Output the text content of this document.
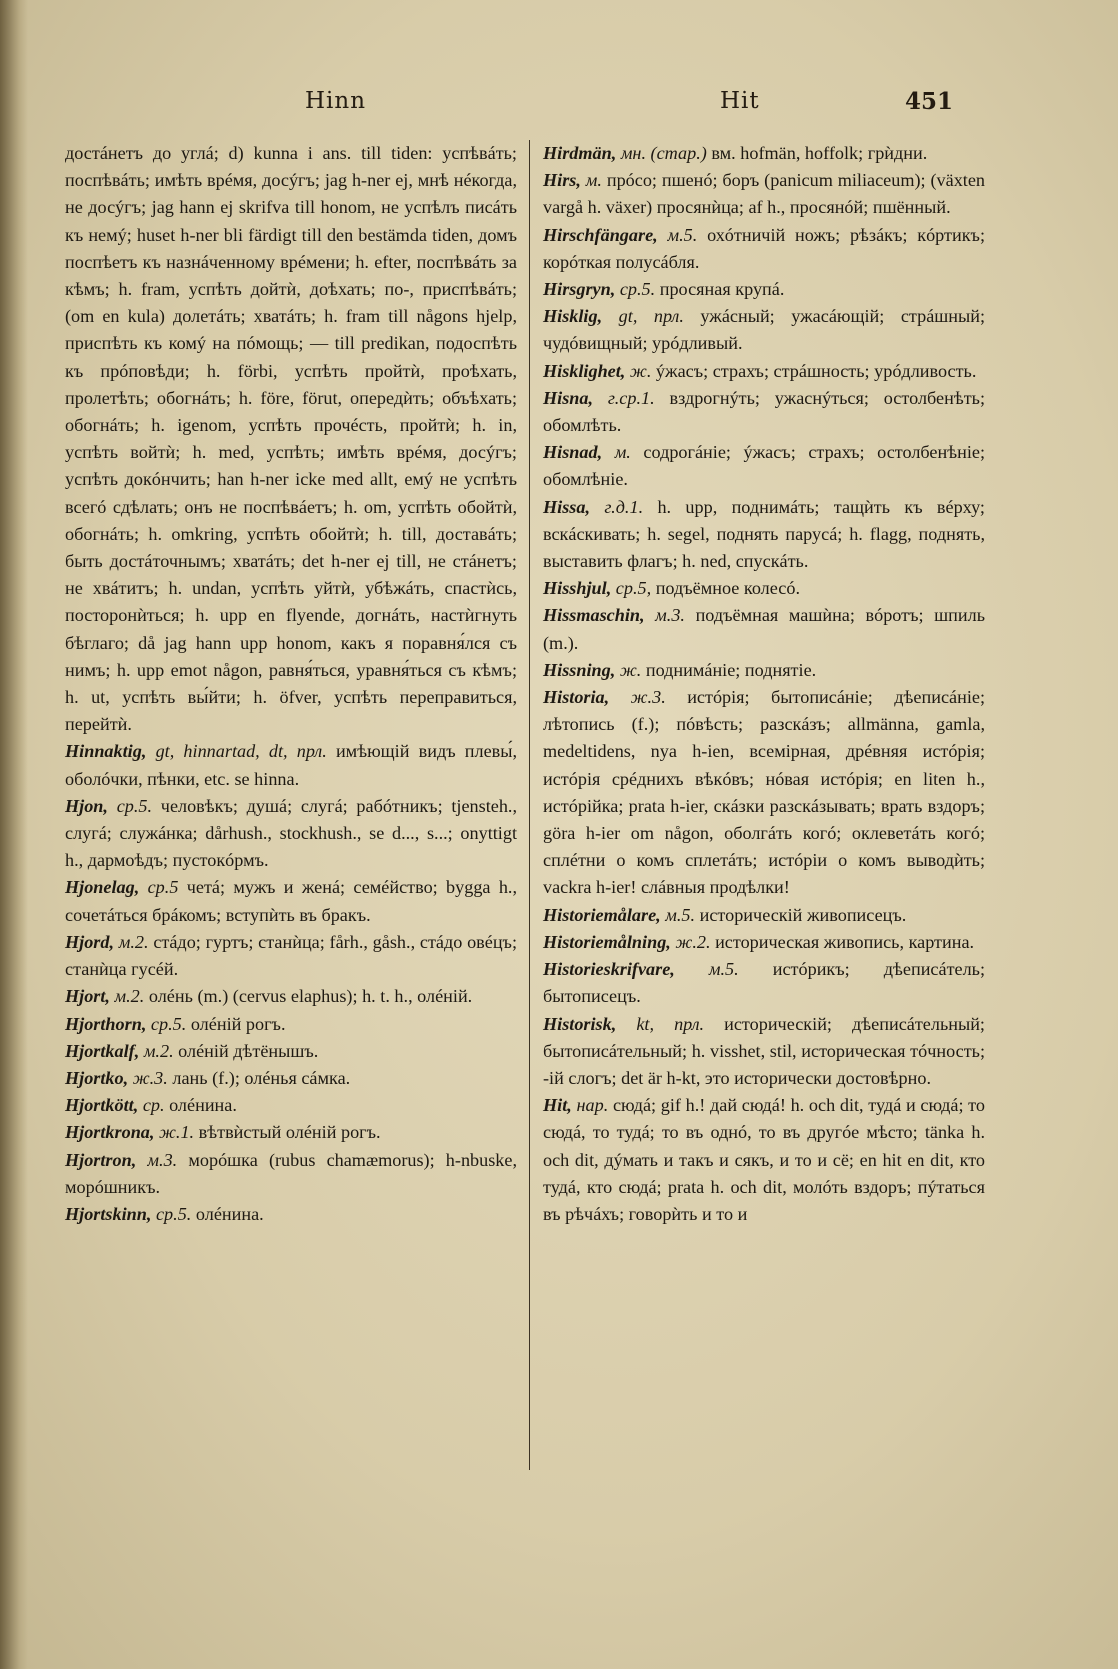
Hinn	Hit	451

достáнетъ до углá; d) kunna i ans. till tiden: успѣвáть; поспѣвáть; имѣть врéмя, досýгъ; jag h-ner ej, мнѣ нéкогда, не досýгъ; jag hann ej skrifva till honom, не успѣлъ писáть къ немý; huset h-ner bli färdigt till den bestämda tiden, домъ поспѣетъ къ назнáченному врéмени; h. efter, поспѣвáть за кѣмъ; h. fram, успѣть дойтѝ, доѣхать; по-, приспѣвáть; (om en kula) долетáть; хватáть; h. fram till någons hjelp, приспѣть къ комý на пóмощь; — till predikan, подоспѣть къ прóповѣди; h. förbi, успѣть пройтѝ, проѣхать, пролетѣть; обогнáть; h. före, förut, опередѝть; объѣхать; обогнáть; h. igenom, успѣть прочéсть, пройтѝ; h. in, успѣть войтѝ; h. med, успѣть; имѣть врéмя, досýгъ; успѣть докóнчить; han h-ner icke med allt, емý не успѣть всегó сдѣлать; онъ не поспѣвáетъ; h. om, успѣть обойтѝ, обогнáть; h. omkring, успѣть обойтѝ; h. till, доставáть; быть достáточнымъ; хватáть; det h-ner ej till, не стáнетъ; не хвáтитъ; h. undan, успѣть уйтѝ, убѣжáть, спастѝсь, посторонѝться; h. upp en flyende, догнáть, настѝгнуть бѣглаго; då jag hann upp honom, какъ я поравня́лся съ нимъ; h. upp emot någon, равня́ться, уравня́ться съ кѣмъ; h. ut, успѣть вы́йти; h. öfver, успѣть переправиться, перейтѝ.

Hinnaktig, gt, hinnartad, dt, прл. имѣющій видъ плевы́, оболóчки, пѣнки, etc. se hinna.

Hjon, ср.5. человѣкъ; душá; слугá; рабóтникъ; tjensteh., слугá; служáнка; dårhush., stockhush., se d..., s...; onyttigt h., дармоѣдъ; пустокóрмъ.

Hjonelag, ср.5 четá; мужъ и женá; семéйство; bygga h., сочетáться брáкомъ; вступѝть въ бракъ.

Hjord, м.2. стáдо; гуртъ; станѝца; fårh., gåsh., стáдо овéцъ; станѝца гусéй.

Hjort, м.2. олéнь (m.) (cervus elaphus); h. t. h., олéній.

Hjorthorn, ср.5. олéній рогъ.

Hjortkalf, м.2. олéній дѣтёнышъ.

Hjortko, ж.3. лань (f.); олéнья сáмка.

Hjortkött, ср. олéнина.

Hjortkrona, ж.1. вѣтвѝстый олéній рогъ.

Hjortron, м.3. морóшка (rubus chamæmorus); h-nbuske, морóшникъ.

Hjortskinn, ср.5. олéнина.

Hirdmän, мн. (стар.) вм. hofmän, hoffolk; грѝдни.

Hirs, м. прóсо; пшенó; боръ (panicum miliaceum); (växten vargå h. växer) просянѝца; af h., просянóй; пшённый.

Hirschfängare, м.5. охóтничій ножъ; рѣзáкъ; кóртикъ; корóткая полусáбля.

Hirsgryn, ср.5. просяная крупá.

Hisklig, gt, прл. ужáсный; ужасáющій; стрáшный; чудóвищный; урóдливый.

Hisklighet, ж. ýжасъ; страхъ; стрáшность; урóдливость.

Hisna, г.ср.1. вздрогнýть; ужаснýться; остолбенѣть; обомлѣть.

Hisnad, м. содрогáніе; ýжасъ; страхъ; остолбенѣніе; обомлѣніе.

Hissa, г.д.1. h. upp, поднимáть; тащѝть къ вéрху; вскáскивать; h. segel, поднять парусá; h. flagg, поднять, выставить флагъ; h. ned, спускáть.

Hisshjul, ср.5, подъёмное колесó.

Hissmaschin, м.3. подъёмная машѝна; вóротъ; шпиль (m.).

Hissning, ж. поднимáніе; поднятіе.

Historia, ж.3. истóрія; бытописáніе; дѣеписáніе; лѣтопись (f.); пóвѣсть; разскáзъ; allmänna, gamla, medeltidens, nya h-ien, всемірная, дрéвняя истóрія; истóрія срéднихъ вѣкóвъ; нóвая истóрія; en liten h., истóрійка; prata h-ier, скáзки разскáзывать; врать вздоръ; göra h-ier om någon, оболгáть когó; оклеветáть когó; сплéтни о комъ сплетáть; истóріи о комъ выводѝть; vackra h-ier! слáвныя продѣлки!

Historiemålare, м.5. историческій живописецъ.

Historiemålning, ж.2. историческая живопись, картина.

Historieskrifvare, м.5. истóрикъ; дѣеписáтель; бытописецъ.

Historisk, kt, прл. историческій; дѣеписáтельный; бытописáтельный; h. visshet, stil, историческая тóчность; -ій слогъ; det är h-kt, это исторически достовѣрно.

Hit, нар. сюдá; gif h.! дай сюдá! h. och dit, тудá и сюдá; то сюдá, то тудá; то въ однó, то въ другóе мѣсто; tänka h. och dit, дýмать и такъ и сякъ, и то и сё; en hit en dit, кто тудá, кто сюдá; prata h. och dit, молóть вздоръ; пýтаться въ рѣчáхъ; говорѝть и то и
